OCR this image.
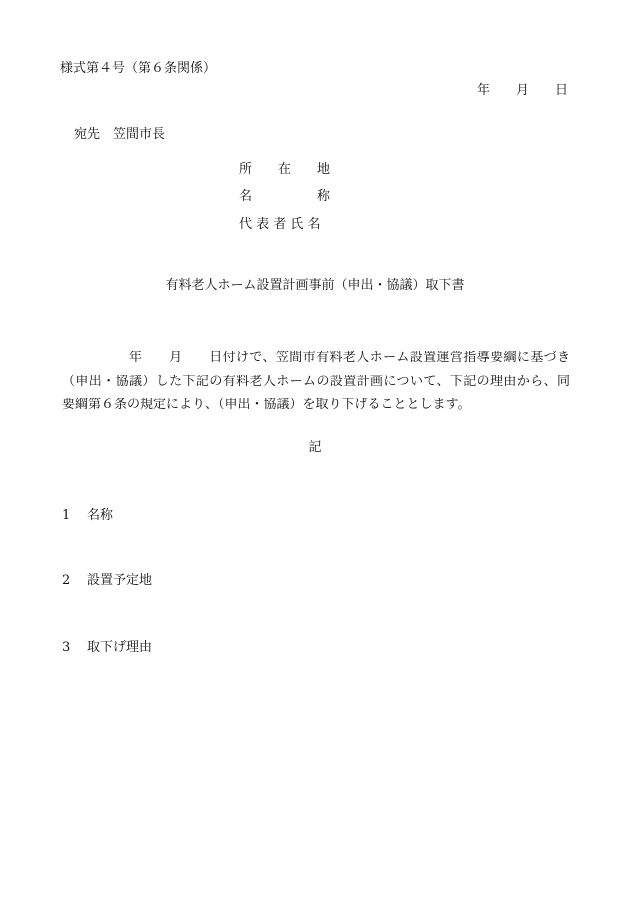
様式第４号（第６条関係）
年　　月　　日
宛先　笠間市長
所　　在　　地
名　　　　　称
代 表 者 氏 名
有料老人ホーム設置計画事前（申出・協議）取下書
　　　　　年　　月　　日付けで、笠間市有料老人ホーム設置運営指導要綱に基づき
（申出・協議）した下記の有料老人ホームの設置計画について、下記の理由から、同
要綱第６条の規定により、（申出・協議）を取り下げることとします。
記
1 名称
2 設置予定地
3 取下げ理由
